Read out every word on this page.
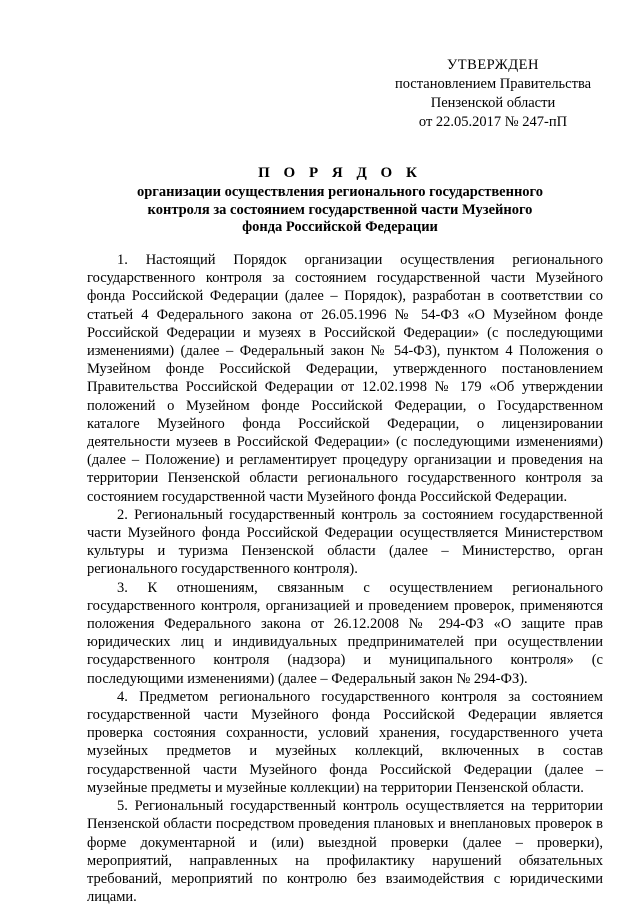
УТВЕРЖДЕН
постановлением Правительства
Пензенской области
от 22.05.2017 № 247-пП
П О Р Я Д О К
организации осуществления регионального государственного контроля за состоянием государственной части Музейного фонда Российской Федерации

1. Настоящий Порядок организации осуществления регионального государственного контроля за состоянием государственной части Музейного фонда Российской Федерации (далее – Порядок), разработан в соответствии со статьей 4 Федерального закона от 26.05.1996 № 54-ФЗ «О Музейном фонде Российской Федерации и музеях в Российской Федерации» (с последующими изменениями) (далее – Федеральный закон № 54-ФЗ), пунктом 4 Положения о Музейном фонде Российской Федерации, утвержденного постановлением Правительства Российской Федерации от 12.02.1998 № 179 «Об утверждении положений о Музейном фонде Российской Федерации, о Государственном каталоге Музейного фонда Российской Федерации, о лицензировании деятельности музеев в Российской Федерации» (с последующими изменениями) (далее – Положение) и регламентирует процедуру организации и проведения на территории Пензенской области регионального государственного контроля за состоянием государственной части Музейного фонда Российской Федерации.

2. Региональный государственный контроль за состоянием государственной части Музейного фонда Российской Федерации осуществляется Министерством культуры и туризма Пензенской области (далее – Министерство, орган регионального государственного контроля).

3. К отношениям, связанным с осуществлением регионального государственного контроля, организацией и проведением проверок, применяются положения Федерального закона от 26.12.2008 № 294-ФЗ «О защите прав юридических лиц и индивидуальных предпринимателей при осуществлении государственного контроля (надзора) и муниципального контроля» (с последующими изменениями) (далее – Федеральный закон № 294-ФЗ).

4. Предметом регионального государственного контроля за состоянием государственной части Музейного фонда Российской Федерации является проверка состояния сохранности, условий хранения, государственного учета музейных предметов и музейных коллекций, включенных в состав государственной части Музейного фонда Российской Федерации (далее – музейные предметы и музейные коллекции) на территории Пензенской области.

5. Региональный государственный контроль осуществляется на территории Пензенской области посредством проведения плановых и внеплановых проверок в форме документарной и (или) выездной проверки (далее – проверки), мероприятий, направленных на профилактику нарушений обязательных требований, мероприятий по контролю без взаимодействия с юридическими лицами.
